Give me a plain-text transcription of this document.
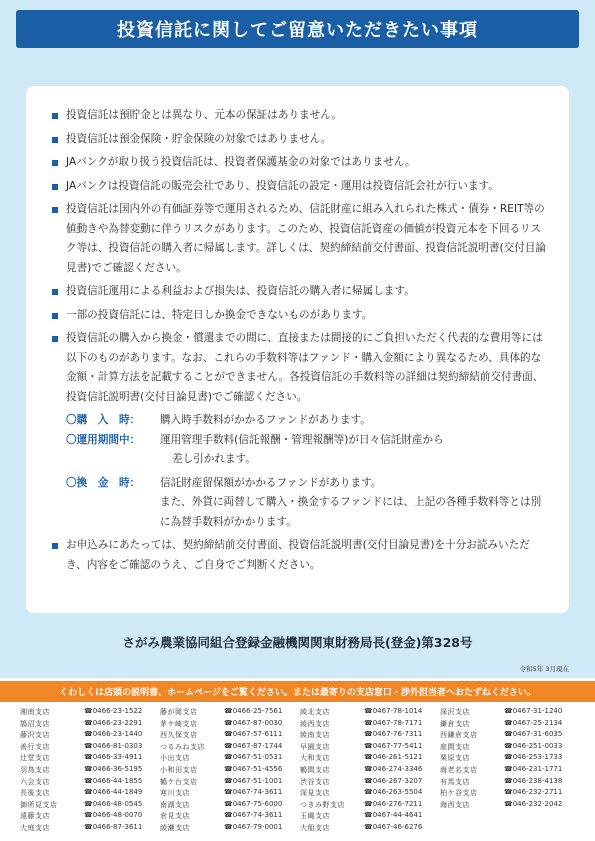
投資信託に関してご留意いただきたい事項
投資信託は預貯金とは異なり、元本の保証はありません。
投資信託は預金保険・貯金保険の対象ではありません。
JAバンクが取り扱う投資信託は、投資者保護基金の対象ではありません。
JAバンクは投資信託の販売会社であり、投資信託の設定・運用は投資信託会社が行います。
投資信託は国内外の有価証券等で運用されるため、信託財産に組み入れられた株式・債券・REIT等の値動きや為替変動に伴うリスクがあります。このため、投資信託資産の価値が投資元本を下回るリスク等は、投資信託の購入者に帰属します。詳しくは、契約締結前交付書面、投資信託説明書(交付目論見書)でご確認ください。
投資信託運用による利益および損失は、投資信託の購入者に帰属します。
一部の投資信託には、特定日しか換金できないものがあります。
投資信託の購入から換金・償還までの間に、直接または間接的にご負担いただく代表的な費用等には以下のものがあります。なお、これらの手数料等はファンド・購入金額により異なるため、具体的な金額・計算方法を記載することができません。各投資信託の手数料等の詳細は契約締結前交付書面、投資信託説明書(交付目論見書)でご確認ください。
〇購　入　時：	購入時手数料がかかるファンドがあります。
〇運用期間中：	運用管理手数料(信託報酬・管理報酬等)が日々信託財産から
差し引かれます。
〇換　金　時：	信託財産留保額がかかるファンドがあります。
また、外貨に両替して購入・換金するファンドには、上記の各種手数料等とは別に為替手数料がかかります。
お申込みにあたっては、契約締結前交付書面、投資信託説明書(交付目論見書)を十分お読みいただき、内容をご確認のうえ、ご自身でご判断ください。
さがみ農業協同組合登録金融機関関東財務局長(登金)第328号
令和5年 3月現在
くわしくは店頭の説明書、ホームページをご覧ください。または最寄りの支店窓口・渉外担当者へおたずねください。
湘南支店	☎0466-23-1522	藤が岡支店	☎0466-25-7561	綾北支店	☎0467-78-1014	深沢支店	☎0467-31-1240
鵠沼支店	☎0466-23-2291	茅ケ崎支店	☎0467-87-0030	綾西支店	☎0467-78-7171	鎌倉支店	☎0467-25-2134
藤沢支店	☎0466-23-1440	西久保支店	☎0467-57-6111	綾南支店	☎0467-76-7311	西鎌倉支店	☎0467-31-6035
善行支店	☎0466-81-0303	つるみね支店	☎0467-87-1744	早園支店	☎0467-77-5411	座間支店	☎046-251-0033
辻堂支店	☎0466-33-4911	小出支店	☎0467-51-0531	大和支店	☎046-261-5121	栗原支店	☎046-253-1733
羽鳥支店	☎0466-36-5195	小和田支店	☎0467-51-4556	鶴間支店	☎046-274-3346	海老名支店	☎046-231-1771
六会支店	☎0466-44-1855	鶴ケ台支店	☎0467-51-1001	渋谷支店	☎046-267-3207	有馬支店	☎046-238-4138
長後支店	☎0466-44-1849	寒川支店	☎0467-74-3611	深見支店	☎046-263-5504	柏ケ谷支店	☎046-232-2711
御所見支店	☎0466-48-0545	南湖支店	☎0467-75-6000	つきみ野支店	☎046-276-7211	海西支店	☎046-232-2042
遠藤支店	☎0466-48-0070	倉見支店	☎0467-74-3611	玉縄支店	☎0467-44-4641
大庭支店	☎0466-87-3611	綾瀬支店	☎0467-79-0001	大船支店	☎0467-46-6276
